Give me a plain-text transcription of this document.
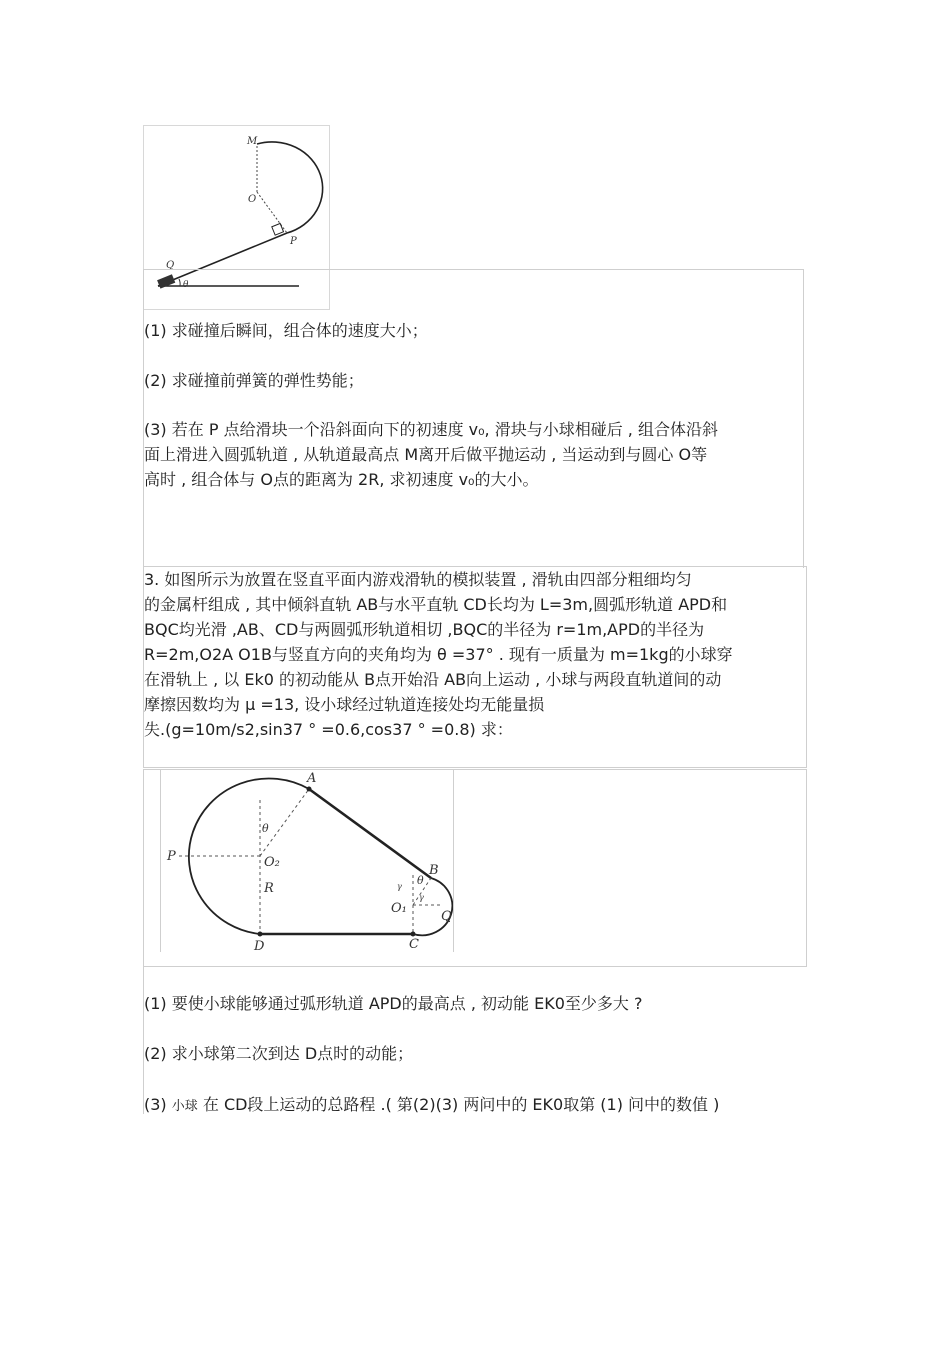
M
O
P
Q
θ
(1) 求碰撞后瞬间，组合体的速度大小；
(2) 求碰撞前弹簧的弹性势能；
(3) 若在 P 点给滑块一个沿斜面向下的初速度 v₀, 滑块与小球相碰后 , 组合体沿斜
面上滑进入圆弧轨道 , 从轨道最高点 M离开后做平抛运动 , 当运动到与圆心 O等
高时 , 组合体与 O点的距离为 2R, 求初速度 v₀的大小。
3. 如图所示为放置在竖直平面内游戏滑轨的模拟装置 , 滑轨由四部分粗细均匀
的金属杆组成 , 其中倾斜直轨 AB与水平直轨 CD长均为 L=3m,圆弧形轨道 APD和
BQC均光滑 ,AB、CD与两圆弧形轨道相切 ,BQC的半径为 r=1m,APD的半径为
R=2m,O2A O1B与竖直方向的夹角均为 θ =37° . 现有一质量为 m=1kg的小球穿
在滑轨上 , 以 Ek0 的初动能从 B点开始沿 AB向上运动 , 小球与两段直轨道间的动
摩擦因数均为 μ =13, 设小球经过轨道连接处均无能量损
失.(g=10m/s2,sin37 ° =0.6,cos37 ° =0.8) 求：
A
B
C
D
P
Q
O₂
O₁
R
θ
θ
γ
γ
(1) 要使小球能够通过弧形轨道 APD的最高点 , 初动能 EK0至少多大 ?
(2) 求小球第二次到达 D点时的动能；
(3) 小球 在 CD段上运动的总路程 .( 第(2)(3) 两问中的 EK0取第 (1) 问中的数值 )
